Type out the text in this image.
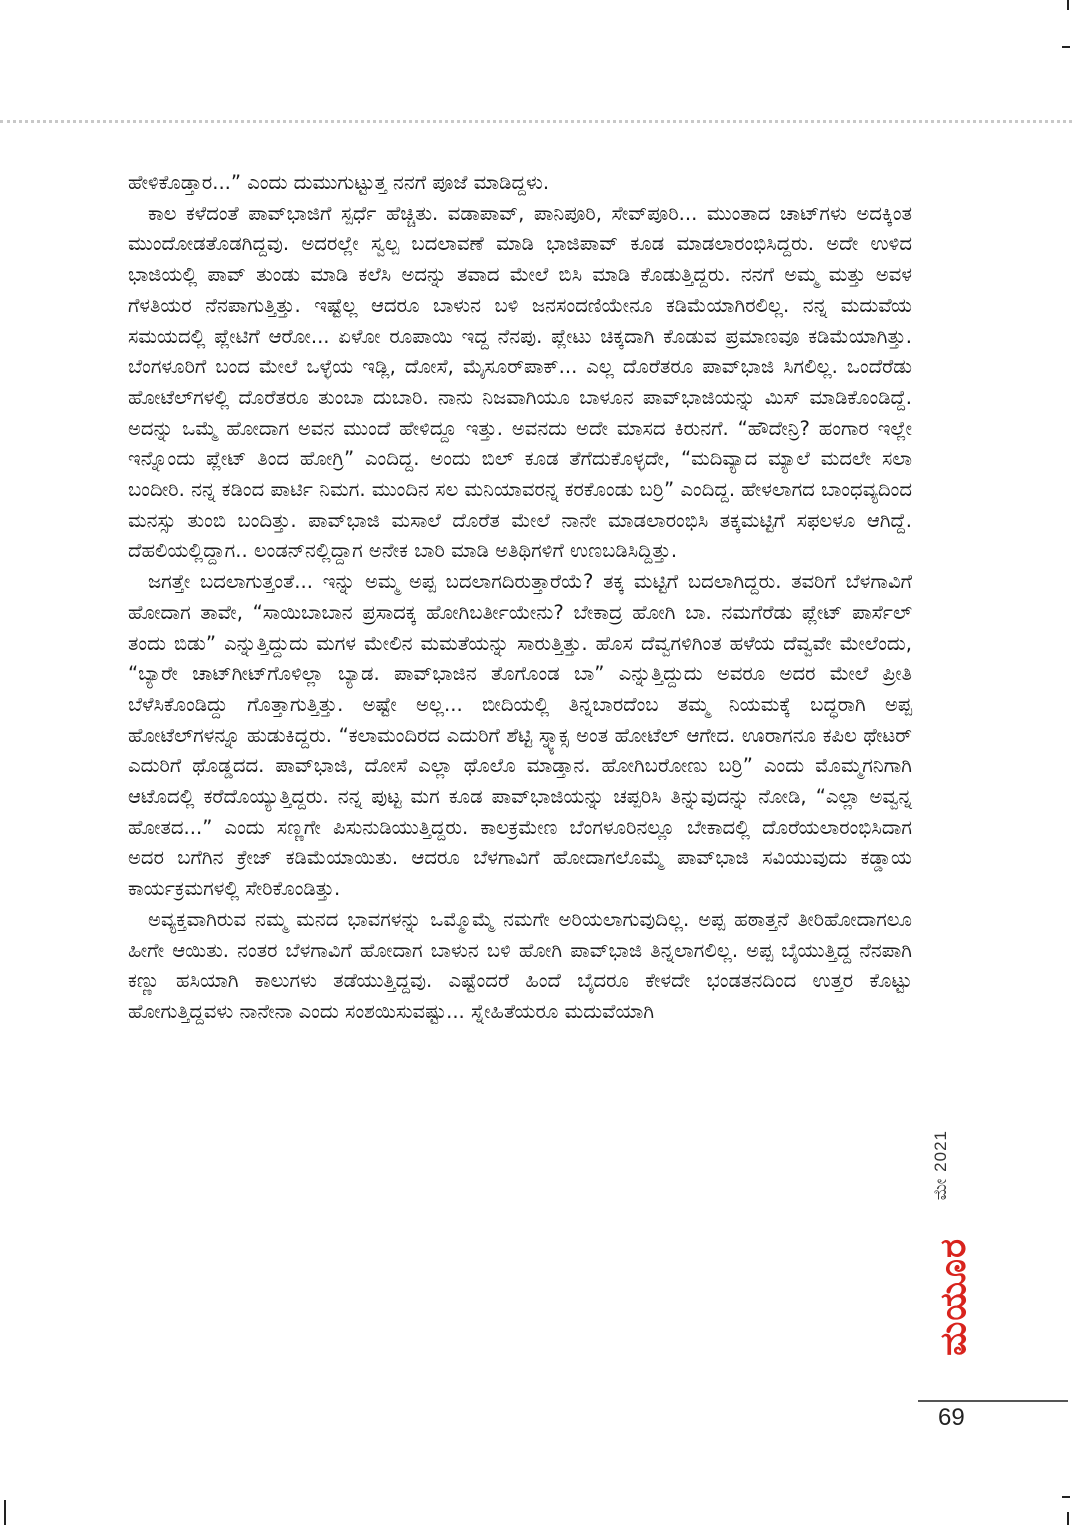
ಹೇಳಿಕೊಡ್ತಾರ...” ಎಂದು ದುಮುಗುಟ್ಟುತ್ತ ನನಗೆ ಪೂಜೆ ಮಾಡಿದ್ದಳು.

ಕಾಲ ಕಳೆದಂತೆ ಪಾವ್‌ಭಾಜಿಗೆ ಸ್ಪರ್ಧೆ ಹೆಚ್ಚಿತು. ವಡಾಪಾವ್, ಪಾನಿಪೂರಿ, ಸೇವ್‌ಪೂರಿ... ಮುಂತಾದ ಚಾಟ್‌ಗಳು ಅದಕ್ಕಿಂತ ಮುಂದೋಡತೊಡಗಿದ್ದವು. ಅದರಲ್ಲೇ ಸ್ವಲ್ಪ ಬದಲಾವಣೆ ಮಾಡಿ ಭಾಜಿಪಾವ್ ಕೂಡ ಮಾಡಲಾರಂಭಿಸಿದ್ದರು. ಅದೇ ಉಳಿದ ಭಾಜಿಯಲ್ಲಿ ಪಾವ್ ತುಂಡು ಮಾಡಿ ಕಲೆಸಿ ಅದನ್ನು ತವಾದ ಮೇಲೆ ಬಿಸಿ ಮಾಡಿ ಕೊಡುತ್ತಿದ್ದರು. ನನಗೆ ಅಮ್ಮ ಮತ್ತು ಅವಳ ಗೆಳತಿಯರ ನೆನಪಾಗುತ್ತಿತ್ತು. ಇಷ್ಟೆಲ್ಲ ಆದರೂ ಬಾಳುನ ಬಳಿ ಜನಸಂದಣಿಯೇನೂ ಕಡಿಮೆಯಾಗಿರಲಿಲ್ಲ. ನನ್ನ ಮದುವೆಯ ಸಮಯದಲ್ಲಿ ಪ್ಲೇಟಿಗೆ ಆರೋ... ಏಳೋ ರೂಪಾಯಿ ಇದ್ದ ನೆನಪು. ಪ್ಲೇಟು ಚಿಕ್ಕದಾಗಿ ಕೊಡುವ ಪ್ರಮಾಣವೂ ಕಡಿಮೆಯಾಗಿತ್ತು. ಬೆಂಗಳೂರಿಗೆ ಬಂದ ಮೇಲೆ ಒಳ್ಳೆಯ ಇಡ್ಲಿ, ದೋಸೆ, ಮೈಸೂರ್‌ಪಾಕ್... ಎಲ್ಲ ದೊರೆತರೂ ಪಾವ್‌ಭಾಜಿ ಸಿಗಲಿಲ್ಲ. ಒಂದೆರೆಡು ಹೋಟೆಲ್‌ಗಳಲ್ಲಿ ದೊರೆತರೂ ತುಂಬಾ ದುಬಾರಿ. ನಾನು ನಿಜವಾಗಿಯೂ ಬಾಳೂನ ಪಾವ್‌ಭಾಜಿಯನ್ನು ಮಿಸ್ ಮಾಡಿಕೊಂಡಿದ್ದೆ. ಅದನ್ನು ಒಮ್ಮೆ ಹೋದಾಗ ಅವನ ಮುಂದೆ ಹೇಳಿದ್ದೂ ಇತ್ತು. ಅವನದು ಅದೇ ಮಾಸದ ಕಿರುನಗೆ. “ಹೌದೇನ್ರಿ? ಹಂಗಾರ ಇಲ್ಲೇ ಇನ್ನೊಂದು ಪ್ಲೇಟ್ ತಿಂದ ಹೋಗ್ರಿ” ಎಂದಿದ್ದ. ಅಂದು ಬಿಲ್ ಕೂಡ ತೆಗೆದುಕೊಳ್ಳದೇ, “ಮದಿವ್ಯಾದ ಮ್ಯಾಲೆ ಮದಲೇ ಸಲಾ ಬಂದೀರಿ. ನನ್ನ ಕಡಿಂದ ಪಾರ್ಟಿ ನಿಮಗ. ಮುಂದಿನ ಸಲ ಮನಿಯಾವರನ್ನ ಕರಕೊಂಡು ಬರ್ರಿ” ಎಂದಿದ್ದ. ಹೇಳಲಾಗದ ಬಾಂಧವ್ಯದಿಂದ ಮನಸ್ಸು ತುಂಬಿ ಬಂದಿತ್ತು. ಪಾವ್‌ಭಾಜಿ ಮಸಾಲೆ ದೊರೆತ ಮೇಲೆ ನಾನೇ ಮಾಡಲಾರಂಭಿಸಿ ತಕ್ಕಮಟ್ಟಿಗೆ ಸಫಲಳೂ ಆಗಿದ್ದೆ. ದೆಹಲಿಯಲ್ಲಿದ್ದಾಗ.. ಲಂಡನ್‌ನಲ್ಲಿದ್ದಾಗ ಅನೇಕ ಬಾರಿ ಮಾಡಿ ಅತಿಥಿಗಳಿಗೆ ಉಣಬಡಿಸಿದ್ದಿತ್ತು.

ಜಗತ್ತೇ ಬದಲಾಗುತ್ತಂತೆ... ಇನ್ನು ಅಮ್ಮ ಅಪ್ಪ ಬದಲಾಗದಿರುತ್ತಾರೆಯೆ? ತಕ್ಕ ಮಟ್ಟಿಗೆ ಬದಲಾಗಿದ್ದರು. ತವರಿಗೆ ಬೆಳಗಾವಿಗೆ ಹೋದಾಗ ತಾವೇ, “ಸಾಯಿಬಾಬಾನ ಪ್ರಸಾದಕ್ಕ ಹೋಗಿಬರ್ತೀಯೇನು? ಬೇಕಾದ್ರ ಹೋಗಿ ಬಾ. ನಮಗೆರೆಡು ಪ್ಲೇಟ್ ಪಾರ್ಸೆಲ್ ತಂದು ಬಿಡು” ಎನ್ನುತ್ತಿದ್ದುದು ಮಗಳ ಮೇಲಿನ ಮಮತೆಯನ್ನು ಸಾರುತ್ತಿತ್ತು. ಹೊಸ ದೆವ್ವಗಳಿಗಿಂತ ಹಳೆಯ ದೆವ್ವವೇ ಮೇಲೆಂದು, “ಬ್ಯಾರೇ ಚಾಟ್‌ಗೀಟ್‌ಗೊಳಿಲ್ಲಾ ಬ್ಯಾಡ. ಪಾವ್‌ಭಾಜಿನ ತೊಗೊಂಡ ಬಾ” ಎನ್ನುತ್ತಿದ್ದುದು ಅವರೂ ಅದರ ಮೇಲೆ ಪ್ರೀತಿ ಬೆಳೆಸಿಕೊಂಡಿದ್ದು ಗೊತ್ತಾಗುತ್ತಿತ್ತು. ಅಷ್ಟೇ ಅಲ್ಲ... ಬೀದಿಯಲ್ಲಿ ತಿನ್ನಬಾರದೆಂಬ ತಮ್ಮ ನಿಯಮಕ್ಕೆ ಬದ್ಧರಾಗಿ ಅಪ್ಪ ಹೋಟೆಲ್‌ಗಳನ್ನೂ ಹುಡುಕಿದ್ದರು. “ಕಲಾಮಂದಿರದ ಎದುರಿಗೆ ಶೆಟ್ಟಿ ಸ್ನ್ಯಾಕ್ಸ ಅಂತ ಹೋಟೆಲ್ ಆಗೇದ. ಊರಾಗನೂ ಕಪಿಲ ಥೇಟರ್ ಎದುರಿಗೆ ಥೊಡ್ಡದದ. ಪಾವ್‌ಭಾಜಿ, ದೋಸೆ ಎಲ್ಲಾ ಥೊಲೊ ಮಾಡ್ತಾನ. ಹೋಗಿಬರೋಣು ಬರ್ರಿ” ಎಂದು ಮೊಮ್ಮಗನಿಗಾಗಿ ಆಟೊದಲ್ಲಿ ಕರೆದೊಯ್ಯುತ್ತಿದ್ದರು. ನನ್ನ ಪುಟ್ಟ ಮಗ ಕೂಡ ಪಾವ್‌ಭಾಜಿಯನ್ನು ಚಪ್ಪರಿಸಿ ತಿನ್ನುವುದನ್ನು ನೋಡಿ, “ಎಲ್ಲಾ ಅವ್ವನ್ನ ಹೋತದ...” ಎಂದು ಸಣ್ಣಗೇ ಪಿಸುನುಡಿಯುತ್ತಿದ್ದರು. ಕಾಲಕ್ರಮೇಣ ಬೆಂಗಳೂರಿನಲ್ಲೂ ಬೇಕಾದಲ್ಲಿ ದೊರೆಯಲಾರಂಭಿಸಿದಾಗ ಅದರ ಬಗೆಗಿನ ಕ್ರೇಜ್ ಕಡಿಮೆಯಾಯಿತು. ಆದರೂ ಬೆಳಗಾವಿಗೆ ಹೋದಾಗಲೊಮ್ಮೆ ಪಾವ್‌ಭಾಜಿ ಸವಿಯುವುದು ಕಡ್ಡಾಯ ಕಾರ್ಯಕ್ರಮಗಳಲ್ಲಿ ಸೇರಿಕೊಂಡಿತ್ತು.

ಅವ್ಯಕ್ತವಾಗಿರುವ ನಮ್ಮ ಮನದ ಭಾವಗಳನ್ನು ಒಮ್ಮೊಮ್ಮೆ ನಮಗೇ ಅರಿಯಲಾಗುವುದಿಲ್ಲ. ಅಪ್ಪ ಹಠಾತ್ತನೆ ತೀರಿಹೋದಾಗಲೂ ಹೀಗೇ ಆಯಿತು. ನಂತರ ಬೆಳಗಾವಿಗೆ ಹೋದಾಗ ಬಾಳುನ ಬಳಿ ಹೋಗಿ ಪಾವ್‌ಭಾಜಿ ತಿನ್ನಲಾಗಲಿಲ್ಲ. ಅಪ್ಪ ಬೈಯುತ್ತಿದ್ದ ನೆನಪಾಗಿ ಕಣ್ಣು ಹಸಿಯಾಗಿ ಕಾಲುಗಳು ತಡೆಯುತ್ತಿದ್ದವು. ಎಷ್ಟೆಂದರೆ ಹಿಂದೆ ಬೈದರೂ ಕೇಳದೇ ಭಂಡತನದಿಂದ ಉತ್ತರ ಕೊಟ್ಟು ಹೋಗುತ್ತಿದ್ದವಳು ನಾನೇನಾ ಎಂದು ಸಂಶಯಿಸುವಷ್ಟು... ಸ್ನೇಹಿತೆಯರೂ ಮದುವೆಯಾಗಿ

ಮೇ 2021
ಮಯೂರ
69
